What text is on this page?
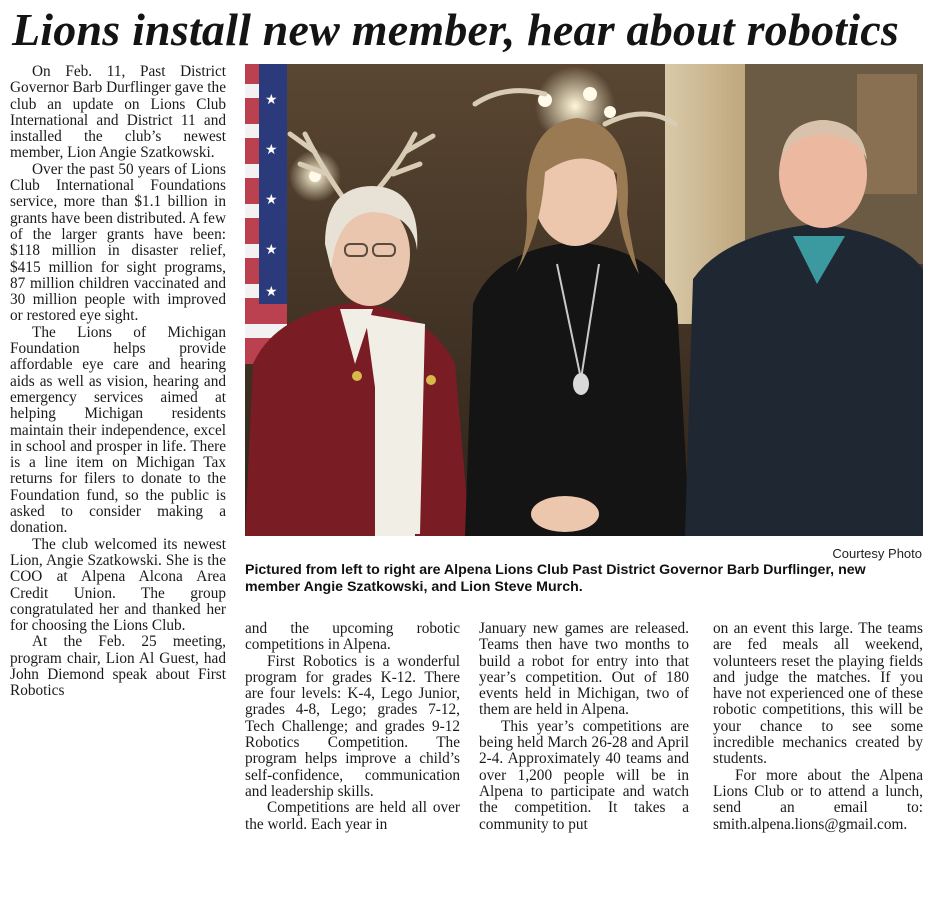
Lions install new member, hear about robotics

On Feb. 11, Past District Governor Barb Durflinger gave the club an update on Lions Club International and District 11 and installed the club’s newest member, Lion Angie Szatkowski.

Over the past 50 years of Lions Club International Foundations service, more than $1.1 billion in grants have been distributed. A few of the larger grants have been: $118 million in disaster relief, $415 million for sight programs, 87 million children vaccinated and 30 million people with improved or restored eye sight.

The Lions of Michigan Foundation helps provide affordable eye care and hearing aids as well as vision, hearing and emergency services aimed at helping Michigan residents maintain their independence, excel in school and prosper in life. There is a line item on Michigan Tax returns for filers to donate to the Foundation fund, so the public is asked to consider making a donation.

The club welcomed its newest Lion, Angie Szatkowski. She is the COO at Alpena Alcona Area Credit Union. The group congratulated her and thanked her for choosing the Lions Club.

At the Feb. 25 meeting, program chair, Lion Al Guest, had John Diemond speak about First Robotics

★
★
★
★
★
Courtesy Photo
Pictured from left to right are Alpena Lions Club Past District Governor Barb Durflinger, new member Angie Szatkowski, and Lion Steve Murch.

and the upcoming robotic competitions in Alpena.

First Robotics is a wonderful program for grades K-12. There are four levels: K-4, Lego Junior, grades 4-8, Lego; grades 7-12, Tech Challenge; and grades 9-12 Robotics Competition. The program helps improve a child’s self-confidence, communication and leadership skills.

Competitions are held all over the world. Each year in

January new games are released. Teams then have two months to build a robot for entry into that year’s competition. Out of 180 events held in Michigan, two of them are held in Alpena.

This year’s competitions are being held March 26-28 and April 2-4. Approximately 40 teams and over 1,200 people will be in Alpena to participate and watch the competition. It takes a community to put

on an event this large. The teams are fed meals all weekend, volunteers reset the playing fields and judge the matches. If you have not experienced one of these robotic competitions, this will be your chance to see some incredible mechanics created by students.

For more about the Alpena Lions Club or to attend a lunch, send an email to: smith.alpena.lions@gmail.com.
